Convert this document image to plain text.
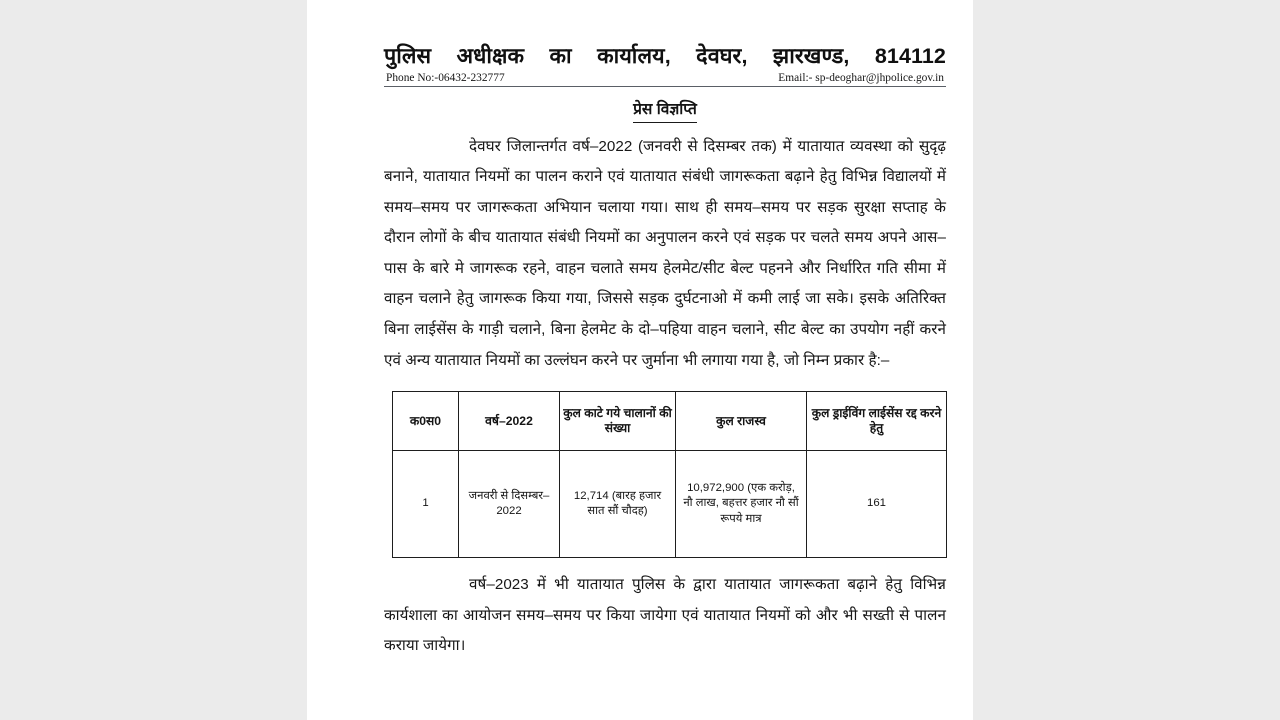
पुलिस अधीक्षक का कार्यालय, देवघर, झारखण्ड, 814112
Phone No:-06432-232777	Email:- sp-deoghar@jhpolice.gov.in
प्रेस विज्ञप्ति

देवघर जिलान्तर्गत वर्ष–2022 (जनवरी से दिसम्बर तक) में यातायात व्यवस्था को सुदृढ़ बनाने, यातायात नियमों का पालन कराने एवं यातायात संबंधी जागरूकता बढ़ाने हेतु विभिन्न विद्यालयों में समय–समय पर जागरूकता अभियान चलाया गया। साथ ही समय–समय पर सड़क सुरक्षा सप्ताह के दौरान लोगों के बीच यातायात संबंधी नियमों का अनुपालन करने एवं सड़क पर चलते समय अपने आस–पास के बारे मे जागरूक रहने, वाहन चलाते समय हेलमेट/सीट बेल्ट पहनने और निर्धारित गति सीमा में वाहन चलाने हेतु जागरूक किया गया, जिससे सड़क दुर्घटनाओ में कमी लाई जा सके। इसके अतिरिक्त बिना लाईसेंस के गाड़ी चलाने, बिना हेलमेट के दो–पहिया वाहन चलाने, सीट बेल्ट का उपयोग नहीं करने एवं अन्य यातायात नियमों का उल्लंघन करने पर जुर्माना भी लगाया गया है, जो निम्न प्रकार है:–

क0स0	वर्ष–2022	कुल काटे गये चालानों की संख्या	कुल राजस्व	कुल ड्राईविंग लाईसेंस रद्द करने हेतु
1	जनवरी से दिसम्बर–2022	12,714 (बारह हजार सात सौं चौदह)	10,972,900 (एक करोड़, नौ लाख, बहत्तर हजार नौ सौं रूपये मात्र	161

वर्ष–2023 में भी यातायात पुलिस के द्वारा यातायात जागरूकता बढ़ाने हेतु विभिन्न कार्यशाला का आयोजन समय–समय पर किया जायेगा एवं यातायात नियमों को और भी सख्ती से पालन कराया जायेगा।
